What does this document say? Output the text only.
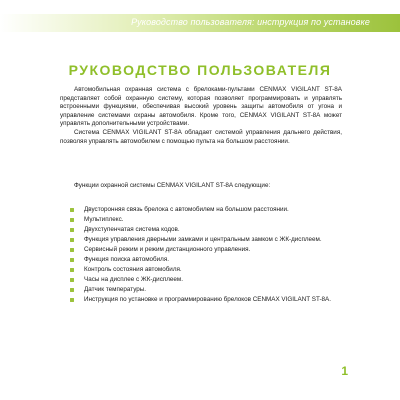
Руководство пользователя: инструкция по установке
РУКОВОДСТВО ПОЛЬЗОВАТЕЛЯ

Автомобильная охранная система с брелоками-пультами CENMAX VIGILANT ST-8A представляет собой охранную систему, которая позволяет программировать и управлять встроенными функциями, обеспечивая высокий уровень защиты автомобиля от угона и управление системами охраны автомобиля. Кроме того, CENMAX VIGILANT ST-8A может управлять дополнительными устройствами.

Система CENMAX VIGILANT ST-8A обладает системой управления дальнего действия, позволяя управлять автомобилем с помощью пульта на большом расстоянии.

Функции охранной системы CENMAX VIGILANT ST-8A следующие:
Двусторонняя связь брелока с автомобилем на большом расстоянии.
Мультиплекс.
Двухступенчатая система кодов.
Функция управления дверными замками и центральным замком с ЖК-дисплеем.
Сервисный режим и режим дистанционного управления.
Функция поиска автомобиля.
Контроль состояния автомобиля.
Часы на дисплее с ЖК-дисплеем.
Датчик температуры.
Инструкция по установке и программированию брелоков CENMAX VIGILANT ST-8A.
1
